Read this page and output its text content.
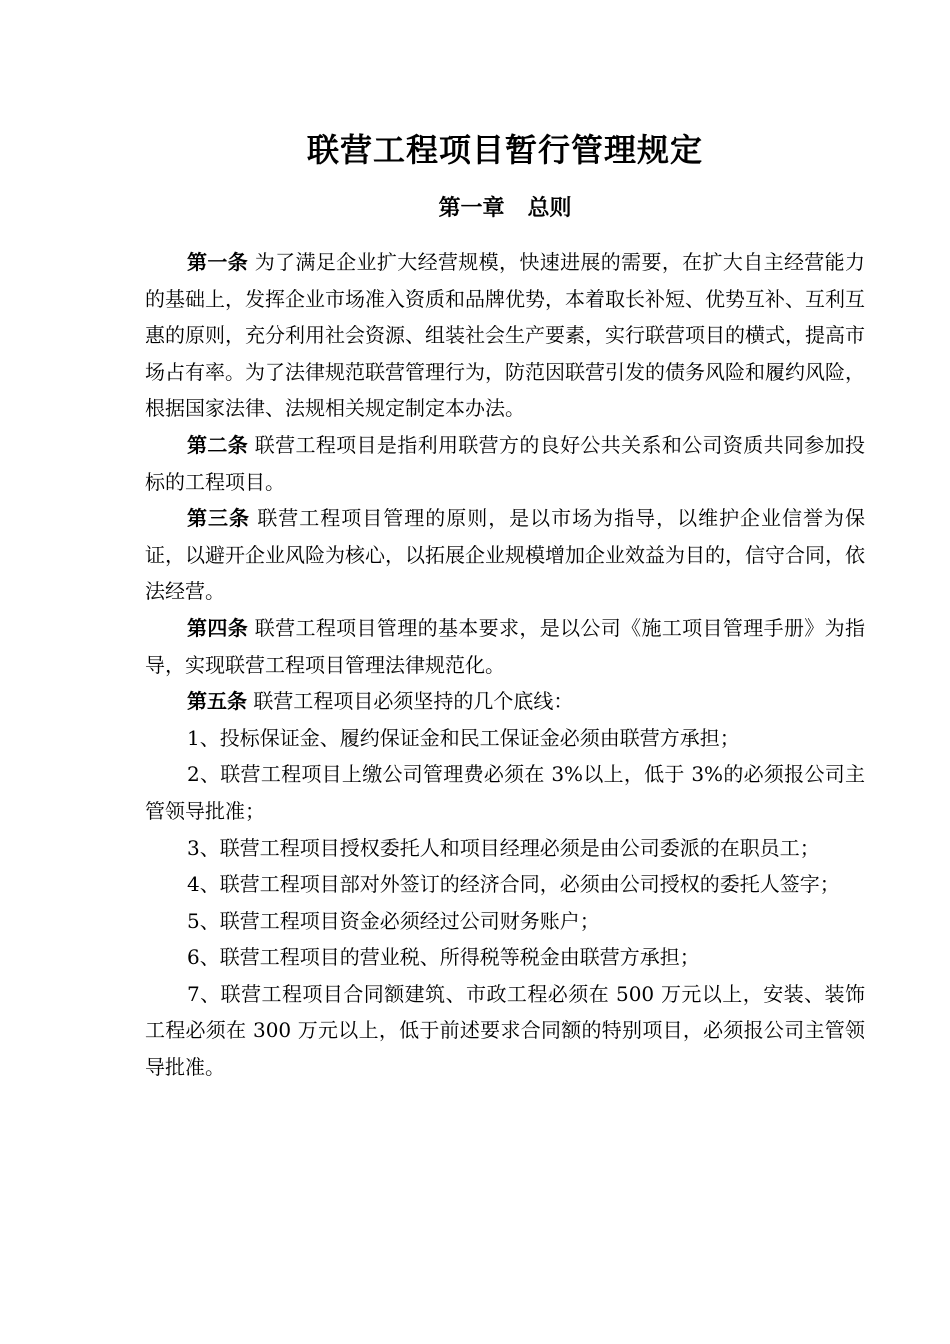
联营工程项目暂行管理规定
第一章   总则

第一条 为了满足企业扩大经营规模，快速进展的需要，在扩大自主经营能力的基础上，发挥企业市场准入资质和品牌优势，本着取长补短、优势互补、互利互惠的原则，充分利用社会资源、组装社会生产要素，实行联营项目的横式，提高市场占有率。为了法律规范联营管理行为，防范因联营引发的债务风险和履约风险，根据国家法律、法规相关规定制定本办法。

第二条 联营工程项目是指利用联营方的良好公共关系和公司资质共同参加投标的工程项目。

第三条 联营工程项目管理的原则，是以市场为指导，以维护企业信誉为保证，以避开企业风险为核心，以拓展企业规模增加企业效益为目的，信守合同，依法经营。

第四条 联营工程项目管理的基本要求，是以公司《施工项目管理手册》为指导，实现联营工程项目管理法律规范化。

第五条 联营工程项目必须坚持的几个底线：

1、投标保证金、履约保证金和民工保证金必须由联营方承担；

2、联营工程项目上缴公司管理费必须在 3%以上，低于 3%的必须报公司主管领导批准；

3、联营工程项目授权委托人和项目经理必须是由公司委派的在职员工；

4、联营工程项目部对外签订的经济合同，必须由公司授权的委托人签字；

5、联营工程项目资金必须经过公司财务账户；

6、联营工程项目的营业税、所得税等税金由联营方承担；

7、联营工程项目合同额建筑、市政工程必须在 500 万元以上，安装、装饰工程必须在 300 万元以上，低于前述要求合同额的特别项目，必须报公司主管领导批准。
